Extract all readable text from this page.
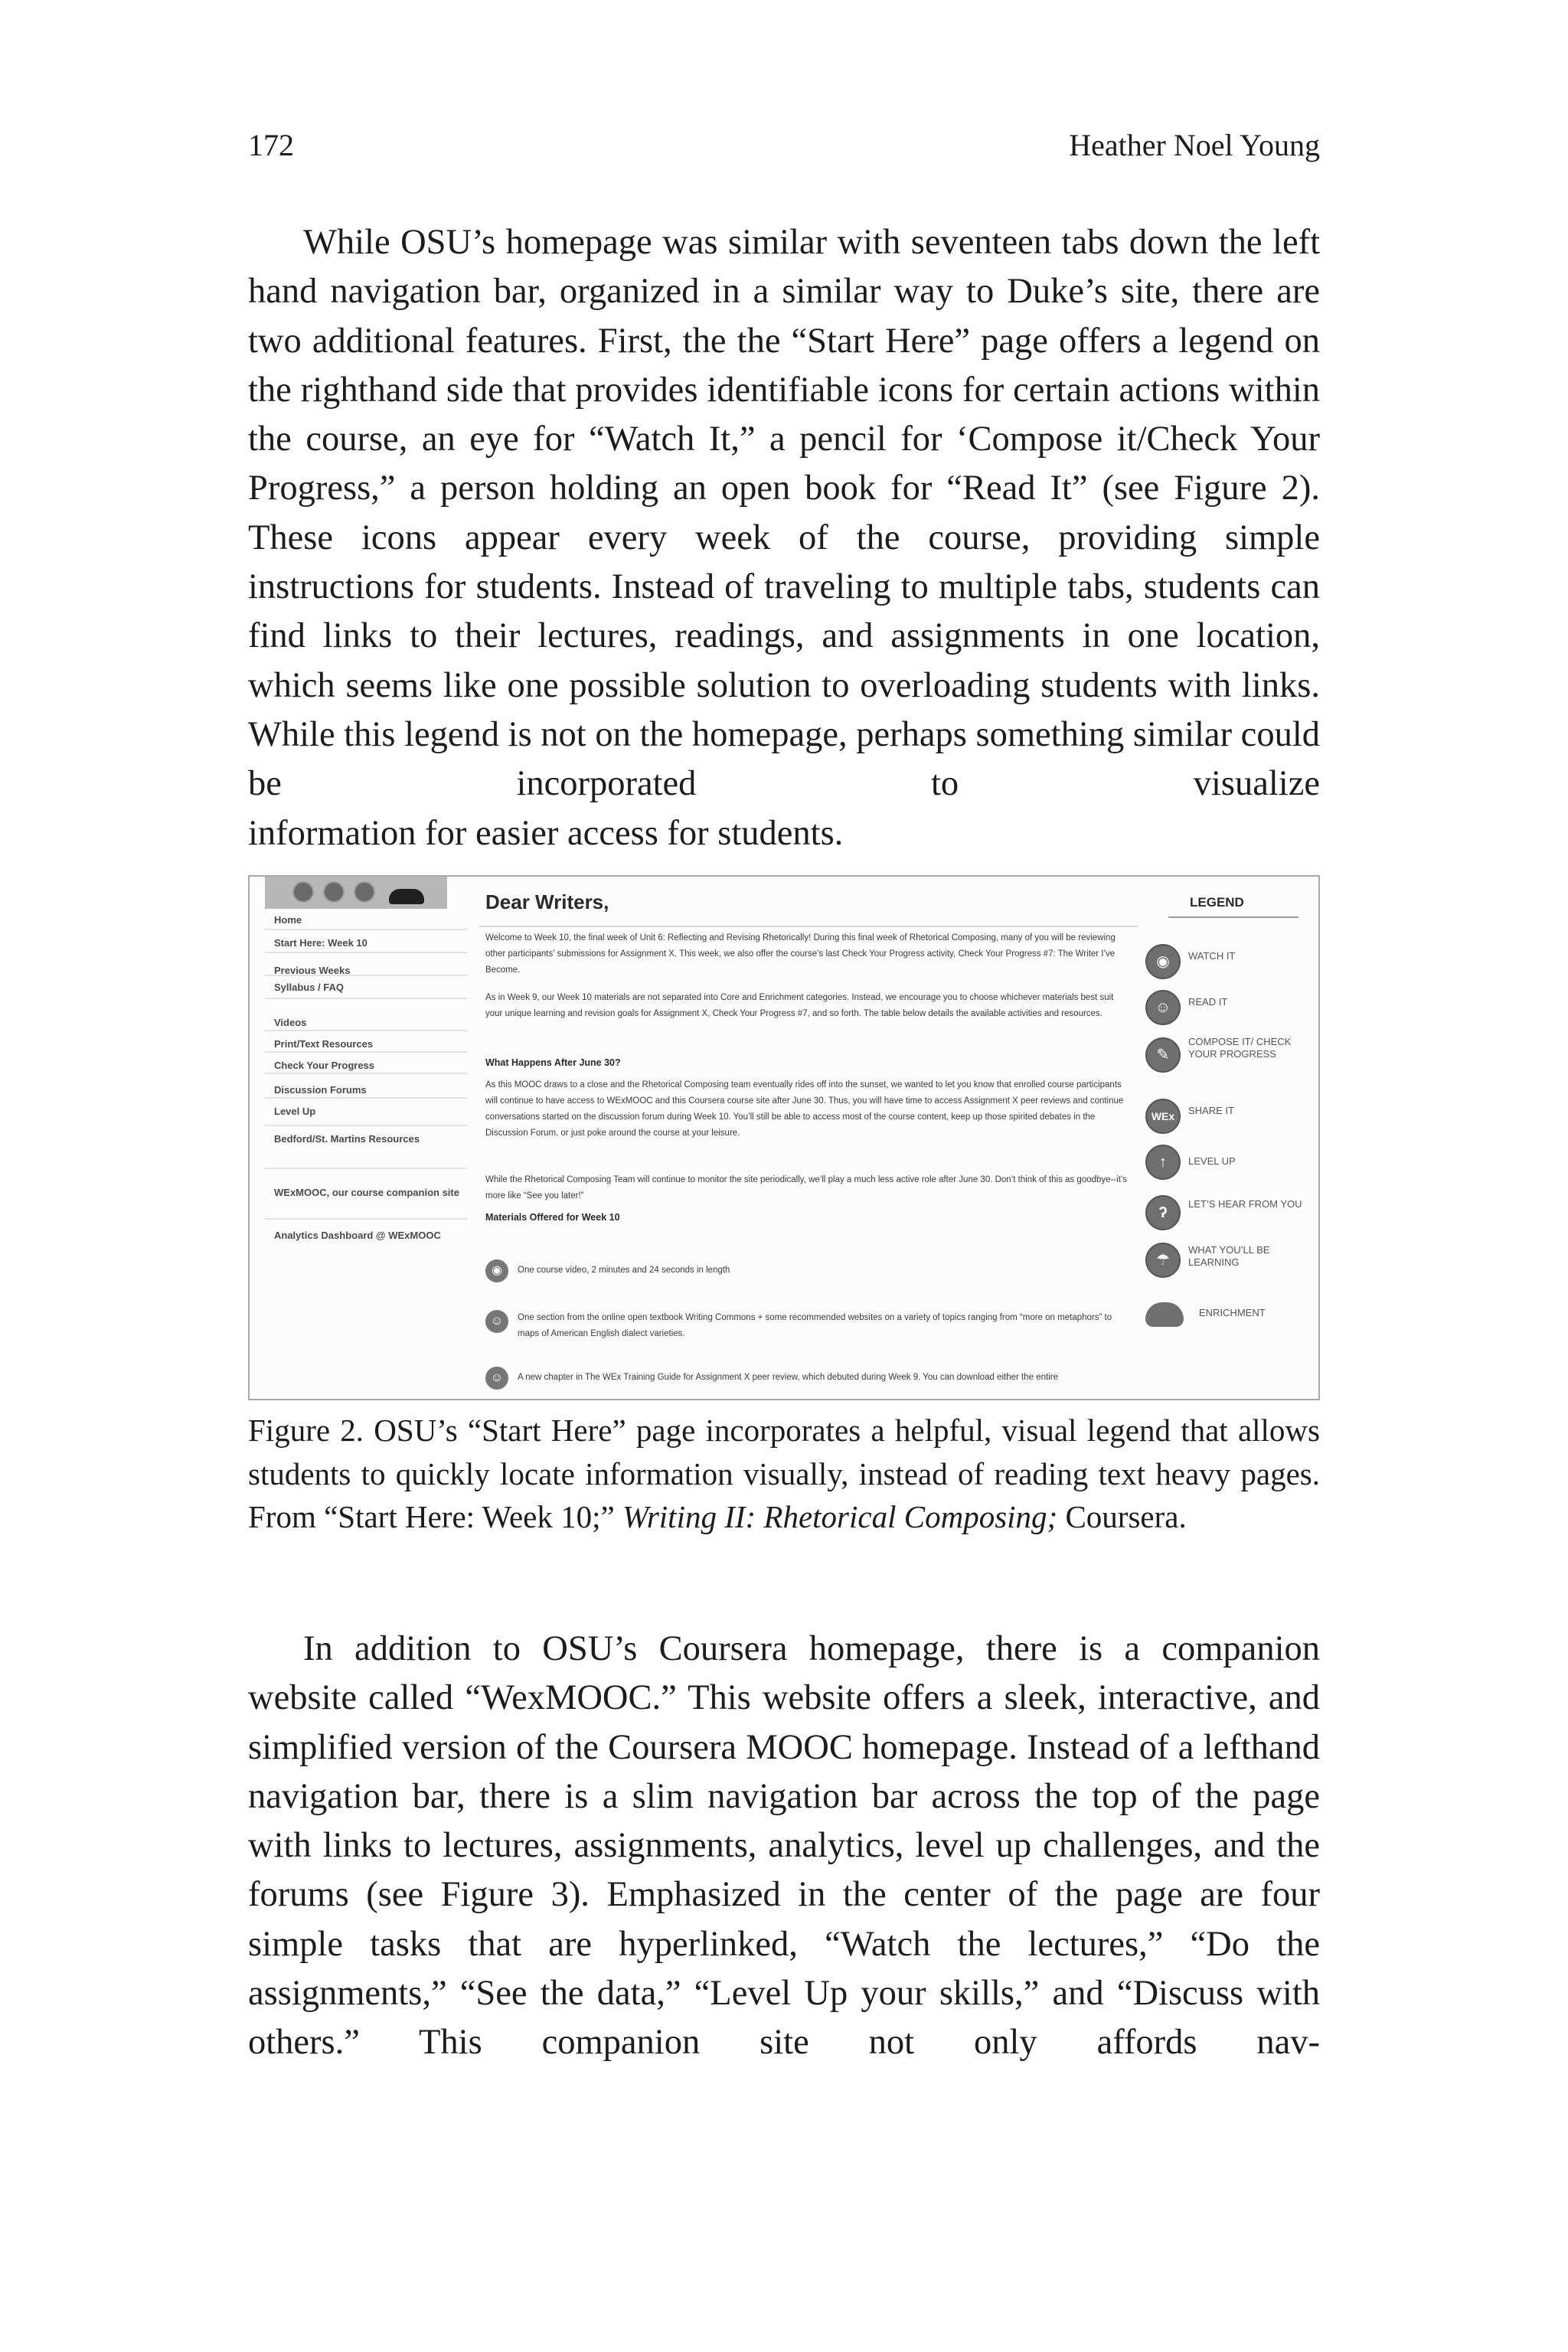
172	Heather Noel Young

While OSU’s homepage was similar with seventeen tabs down the left hand navigation bar, organized in a similar way to Duke’s site, there are two additional features. First, the the “Start Here” page offers a legend on the righthand side that provides identifiable icons for certain actions within the course, an eye for “Watch It,” a pencil for ‘Compose it/Check Your Progress,” a person holding an open book for “Read It” (see Figure 2). These icons appear every week of the course, providing simple instructions for students. Instead of traveling to multiple tabs, students can find links to their lectures, readings, and assignments in one location, which seems like one possible solution to overloading students with links. While this legend is not on the homepage, perhaps something similar could be incorporated to visualize
information for easier access for students.

Home
Start Here: Week 10
Previous Weeks
Syllabus / FAQ
Videos
Print/Text Resources
Check Your Progress
Discussion Forums
Level Up
Bedford/St. Martins Resources
WExMOOC, our course companion site
Analytics Dashboard @ WExMOOC
Dear Writers,

Welcome to Week 10, the final week of Unit 6: Reflecting and Revising Rhetorically! During this final week of Rhetorical Composing, many of you will be reviewing other participants’ submissions for Assignment X. This week, we also offer the course’s last Check Your Progress activity, Check Your Progress #7: The Writer I’ve Become.

As in Week 9, our Week 10 materials are not separated into Core and Enrichment categories. Instead, we encourage you to choose whichever materials best suit your unique learning and revision goals for Assignment X, Check Your Progress #7, and so forth. The table below details the available activities and resources.

What Happens After June 30?

As this MOOC draws to a close and the Rhetorical Composing team eventually rides off into the sunset, we wanted to let you know that enrolled course participants will continue to have access to WExMOOC and this Coursera course site after June 30. Thus, you will have time to access Assignment X peer reviews and continue conversations started on the discussion forum during Week 10. You’ll still be able to access most of the course content, keep up those spirited debates in the Discussion Forum, or just poke around the course at your leisure.

While the Rhetorical Composing Team will continue to monitor the site periodically, we’ll play a much less active role after June 30. Don’t think of this as goodbye--it’s more like “See you later!”

Materials Offered for Week 10
◉	One course video, 2 minutes and 24 seconds in length
☺	One section from the online open textbook Writing Commons + some recommended websites on a variety of topics ranging from “more on metaphors” to maps of American English dialect varieties.
☺	A new chapter in The WEx Training Guide for Assignment X peer review, which debuted during Week 9. You can download either the entire
LEGEND
◉	WATCH IT
☺	READ IT
✎
COMPOSE IT/ CHECK YOUR PROGRESS
WEx	SHARE IT
↑	LEVEL UP
ʔ
LET’S HEAR FROM YOU
☂
WHAT YOU’LL BE LEARNING
ENRICHMENT

Figure 2. OSU’s “Start Here” page incorporates a helpful, visual legend that allows students to quickly locate information visually, instead of reading text heavy pages. From “Start Here: Week 10;” Writing II: Rhetorical Composing; Coursera.

In addition to OSU’s Coursera homepage, there is a companion website called “WexMOOC.” This website offers a sleek, interactive, and simplified version of the Coursera MOOC homepage. Instead of a lefthand navigation bar, there is a slim navigation bar across the top of the page with links to lectures, assignments, analytics, level up challenges, and the forums (see Figure 3). Emphasized in the center of the page are four simple tasks that are hyperlinked, “Watch the lectures,” “Do the assignments,” “See the data,” “Level Up your skills,” and “Discuss with others.” This companion site not only affords nav-
